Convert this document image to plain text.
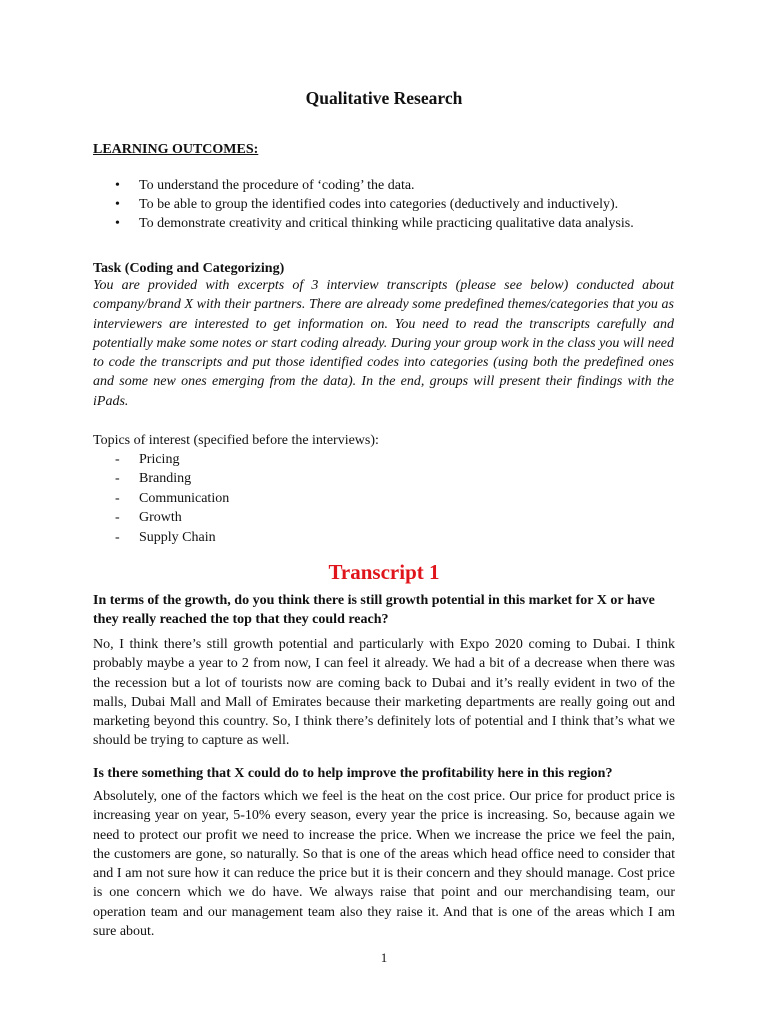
Qualitative Research
LEARNING OUTCOMES:
• To understand the procedure of ‘coding’ the data.
• To be able to group the identified codes into categories (deductively and inductively).
• To demonstrate creativity and critical thinking while practicing qualitative data analysis.
Task (Coding and Categorizing)
You are provided with excerpts of 3 interview transcripts (please see below) conducted about company/brand X with their partners. There are already some predefined themes/categories that you as interviewers are interested to get information on. You need to read the transcripts carefully and potentially make some notes or start coding already. During your group work in the class you will need to code the transcripts and put those identified codes into categories (using both the predefined ones and some new ones emerging from the data). In the end, groups will present their findings with the iPads.
Topics of interest (specified before the interviews):
- Pricing
- Branding
- Communication
- Growth
- Supply Chain
Transcript 1
In terms of the growth, do you think there is still growth potential in this market for X or have they really reached the top that they could reach?
No, I think there’s still growth potential and particularly with Expo 2020 coming to Dubai. I think probably maybe a year to 2 from now, I can feel it already. We had a bit of a decrease when there was the recession but a lot of tourists now are coming back to Dubai and it’s really evident in two of the malls, Dubai Mall and Mall of Emirates because their marketing departments are really going out and marketing beyond this country. So, I think there’s definitely lots of potential and I think that’s what we should be trying to capture as well.
Is there something that X could do to help improve the profitability here in this region?
Absolutely, one of the factors which we feel is the heat on the cost price. Our price for product price is increasing year on year, 5-10% every season, every year the price is increasing. So, because again we need to protect our profit we need to increase the price. When we increase the price we feel the pain, the customers are gone, so naturally. So that is one of the areas which head office need to consider that and I am not sure how it can reduce the price but it is their concern and they should manage. Cost price is one concern which we do have. We always raise that point and our merchandising team, our operation team and our management team also they raise it. And that is one of the areas which I am sure about.
1
